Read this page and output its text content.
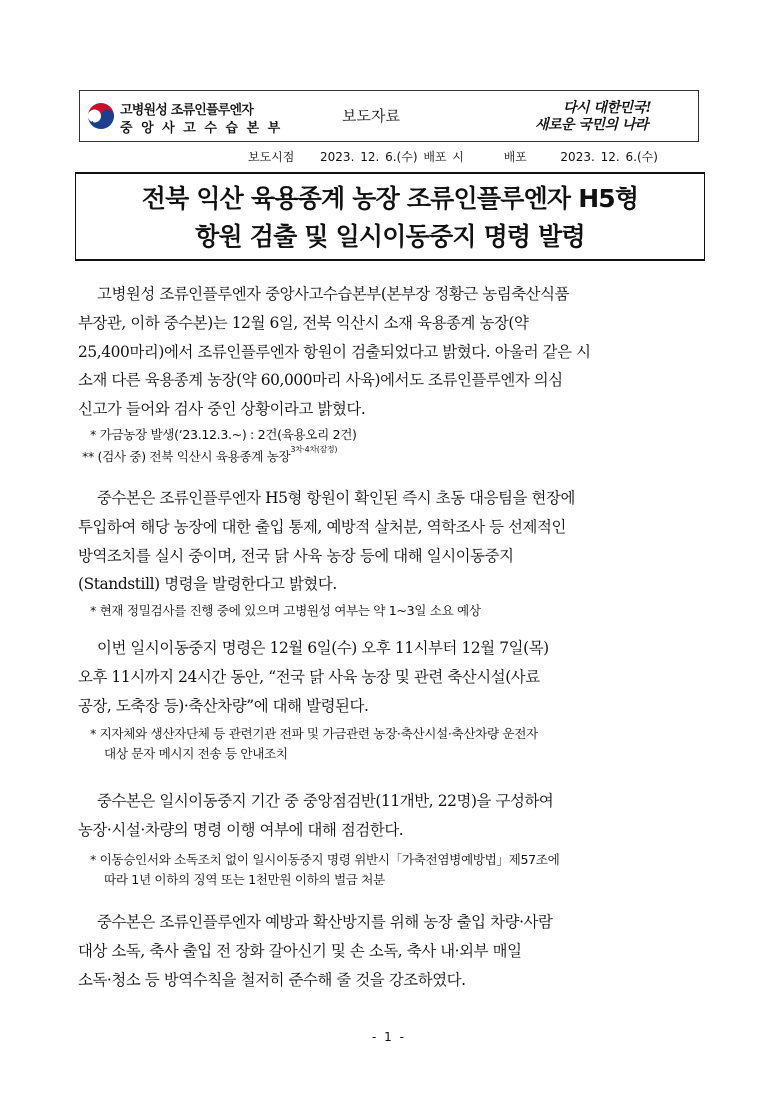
고병원성 조류인플루엔자
중 앙 사 고 수 습 본 부
보도자료	다시 대한민국!
새로운 국민의 나라
보도시점 2023. 12. 6.(수) 배포 시	배포	2023. 12. 6.(수)
전북 익산 육용종계 농장 조류인플루엔자 H5형
항원 검출 및 일시이동중지 명령 발령

고병원성 조류인플루엔자 중앙사고수습본부(본부장 정황근 농림축산식품

부장관, 이하 중수본)는 12월 6일, 전북 익산시 소재 육용종계 농장(약

25,400마리)에서 조류인플루엔자 항원이 검출되었다고 밝혔다. 아울러 같은 시

소재 다른 육용종계 농장(약 60,000마리 사육)에서도 조류인플루엔자 의심

신고가 들어와 검사 중인 상황이라고 밝혔다.

* 가금농장 발생(‘23.12.3.~) : 2건(육용오리 2건)
** (검사 중) 전북 익산시 육용종계 농장$^{3차\cdot 4차(잠정)}$

중수본은 조류인플루엔자 H5형 항원이 확인된 즉시 초동 대응팀을 현장에

투입하여 해당 농장에 대한 출입 통제, 예방적 살처분, 역학조사 등 선제적인

방역조치를 실시 중이며, 전국 닭 사육 농장 등에 대해 일시이동중지

(Standstill) 명령을 발령한다고 밝혔다.

* 현재 정밀검사를 진행 중에 있으며 고병원성 여부는 약 1~3일 소요 예상

이번 일시이동중지 명령은 12월 6일(수) 오후 11시부터 12월 7일(목)

오후 11시까지 24시간 동안, “전국 닭 사육 농장 및 관련 축산시설(사료

공장, 도축장 등)·축산차량”에 대해 발령된다.

* 지자체와 생산자단체 등 관련기관 전파 및 가금관련 농장·축산시설·축산차량 운전자
대상 문자 메시지 전송 등 안내조치

중수본은 일시이동중지 기간 중 중앙점검반(11개반, 22명)을 구성하여

농장·시설·차량의 명령 이행 여부에 대해 점검한다.

* 이동승인서와 소독조치 없이 일시이동중지 명령 위반시「가축전염병예방법」제57조에
따라 1년 이하의 징역 또는 1천만원 이하의 벌금 처분

중수본은 조류인플루엔자 예방과 확산방지를 위해 농장 출입 차량·사람

대상 소독, 축사 출입 전 장화 갈아신기 및 손 소독, 축사 내·외부 매일

소독·청소 등 방역수칙을 철저히 준수해 줄 것을 강조하였다.

- 1 -
